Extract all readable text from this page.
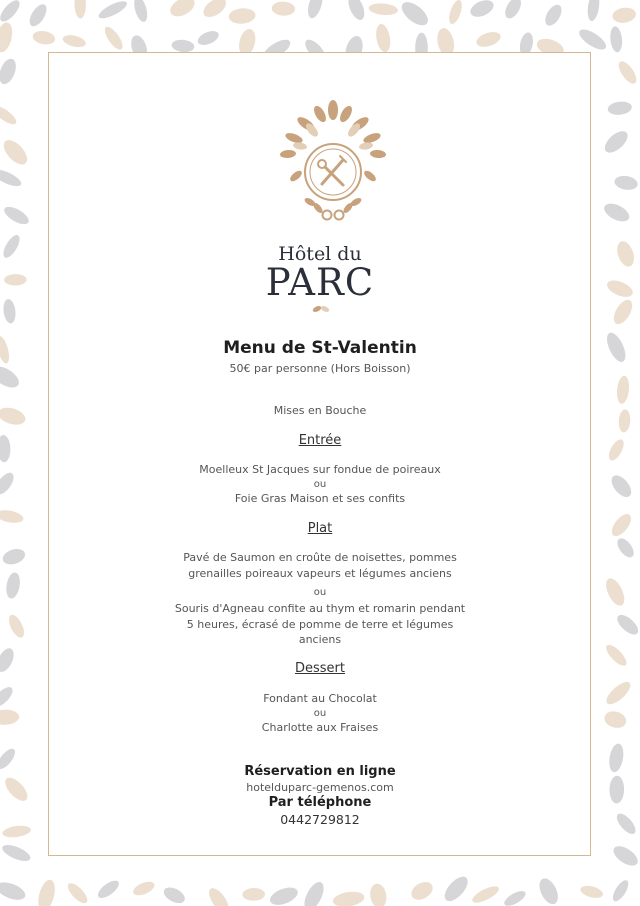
Hôtel du
PARC
Menu de St-Valentin
50€ par personne (Hors Boisson)
Mises en Bouche
Entrée
Moelleux St Jacques sur fondue de poireaux
ou
Foie Gras Maison et ses confits
Plat
Pavé de Saumon en croûte de noisettes, pommes
grenailles poireaux vapeurs et légumes anciens
ou
Souris d'Agneau confite au thym et romarin pendant
5 heures, écrasé de pomme de terre et légumes
anciens
Dessert
Fondant au Chocolat
ou
Charlotte aux Fraises
Réservation en ligne
hotelduparc-gemenos.com
Par téléphone
0442729812
